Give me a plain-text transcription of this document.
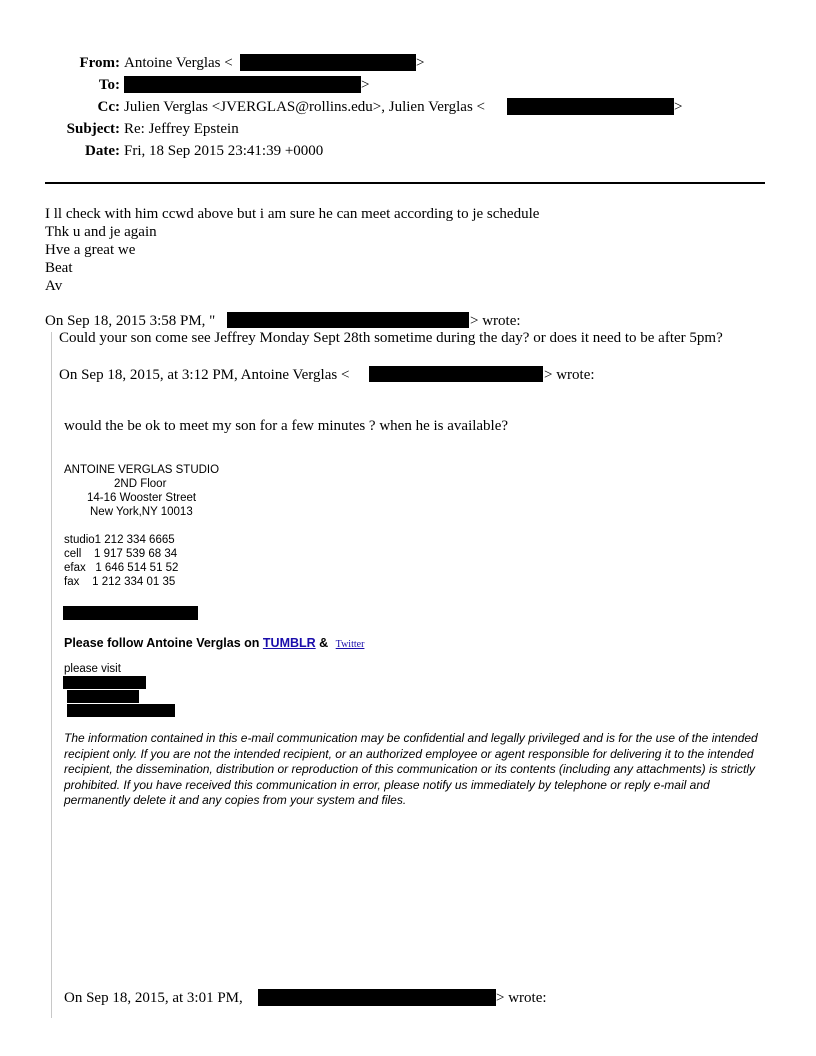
From: Antoine Verglas <	>
To:	>
Cc: Julien Verglas <JVERGLAS@rollins.edu>, Julien Verglas <	>
Subject: Re: Jeffrey Epstein
Date: Fri, 18 Sep 2015 23:41:39 +0000
I ll check with him ccwd above but i am sure he can meet according to je schedule
Thk u and je again
Hve a great we
Beat
Av
On Sep 18, 2015 3:58 PM, "	> wrote:
Could your son come see Jeffrey Monday Sept 28th sometime during the day? or does it need to be after 5pm?
On Sep 18, 2015, at 3:12 PM, Antoine Verglas <	> wrote:
would the be ok to meet my son for a few minutes ? when he is available?
ANTOINE VERGLAS STUDIO
2ND Floor
14-16 Wooster Street
New York,NY 10013
studio1 212 334 6665
cell    1 917 539 68 34
efax   1 646 514 51 52
fax    1 212 334 01 35
Please follow Antoine Verglas on TUMBLR & Twitter
please visit
The information contained in this e-mail communication may be confidential and legally privileged and is for the use of the intended recipient only. If you are not the intended recipient, or an authorized employee or agent responsible for delivering it to the intended recipient, the dissemination, distribution or reproduction of this communication or its contents (including any attachments) is strictly prohibited. If you have received this communication in error, please notify us immediately by telephone or reply e-mail and permanently delete it and any copies from your system and files.
On Sep 18, 2015, at 3:01 PM,	> wrote:
